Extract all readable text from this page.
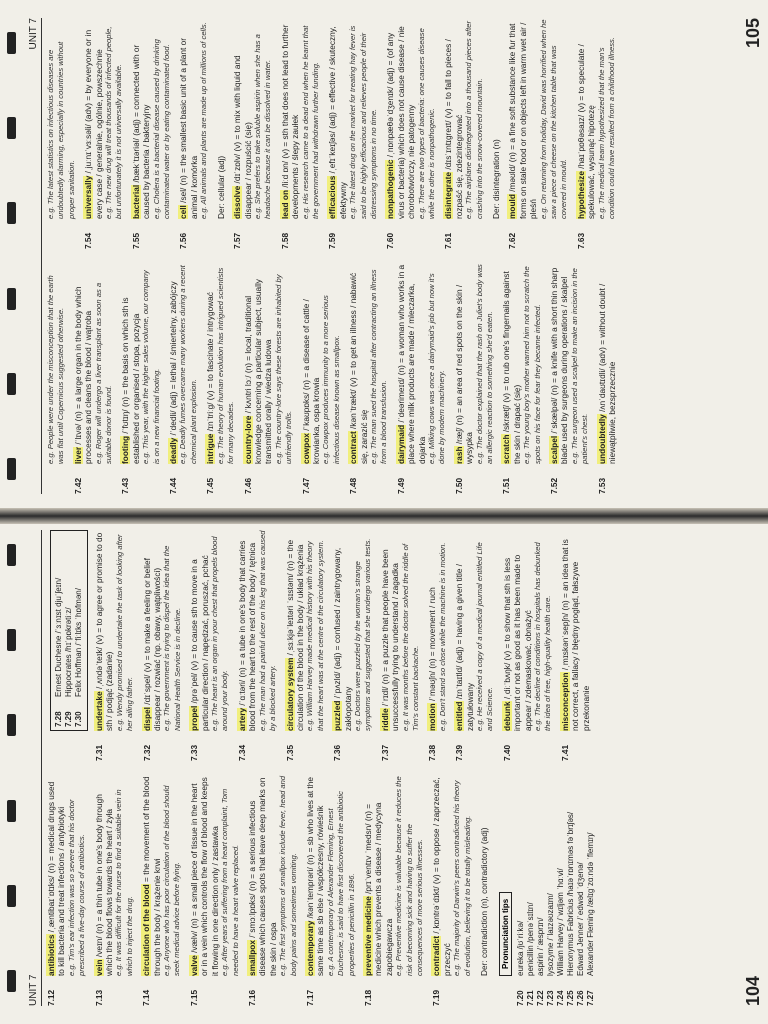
UNIT 7 7.12
antibiotics /ˌæntibaɪˈɒtɪks/ (n) = medical drugs used to kill bacteria and treat infections / antybiotyki e.g. Tim's ear infection was so severe that his doctor prescribed a five-day course of antibiotics.
7.13
vein /veɪn/ (n) = a thin tube in one's body through which the blood flows towards the heart / żyła e.g. It was difficult for the nurse to find a suitable vein in which to inject the drug.
7.14
circulation of the blood = the movement of the blood through the body / krążenie krwi e.g. Anyone who has poor circulation of the blood should seek medical advice before flying.
7.15
valve /vælv/ (n) = a small piece of tissue in the heart or in a vein which controls the flow of blood and keeps it flowing in one direction only / zastawka e.g. After years of suffering from a heart complaint, Tom needed to have a heart valve replaced.
7.16
smallpox /ˈsmɔːlpɒks/ (n) = a serious infectious disease which causes spots that leave deep marks on the skin / ospa e.g. The first symptoms of smallpox include fever, head and body pains and sometimes vomiting.
7.17
contemporary /kənˈtemprəri/ (n) = sb who lives at the same time as sb else / współczesny, rówieśnik e.g. A contemporary of Alexander Fleming, Ernest Duchesne, is said to have first discovered the antibiotic properties of penicillin in 1896.
7.18
preventive medicine /prɪˈventɪv ˈmedsn/ (n) = medicine which prevents a disease / medycyna zapobiegawcza e.g. Preventive medicine is valuable because it reduces the risk of becoming sick and having to suffer the consequences of more serious illnesses.
7.19
contradict /ˌkɒntrəˈdɪkt/ (v) = to oppose / zaprzeczać, przeczyć e.g. The majority of Darwin's peers contradicted his theory of evolution, believing it to be totally misleading. Der: contradiction (n), contradictory (adj) Pronunciation tips
7.20
eureka /jʊˈriːkə/
7.21
penicillin /penəˈsɪlɪn/
7.22
aspirin /ˈæsprɪn/
7.23
lysozyme /ˈlaɪzəʊzaɪm/
7.24
William Harvey /ˈwɪljəm ˈhɑːvi/
7.25
Hieronymus Fabricius /haɪəˈrɒnɪməs fəˈbrɪʃəs/
7.26
Edward Jenner /ˈedwəd ˈdʒenə/
7.27
Alexander Fleming /ælɪgˈzɑːndə ˈflemɪŋ/
7.28
Ernest Duchesne /ˈɜːnɪst djuˈʃeɪn/
7.29
Hippocrates /hɪˈpɒkrətiːz/
7.30
Felix Hoffman /ˈfiːlɪks ˈhɒfmən/
7.31
undertake /ˌʌndəˈteɪk/ (v) = to agree or promise to do sth / podjąć (zadanie) e.g. Wendy promised to undertake the task of looking after her ailing father.
7.32
dispel /dɪˈspel/ (v) = to make a feeling or belief disappear / rozwiać (np. obawy, wątpliwości) e.g. The government is trying to dispel the idea that the National Health Service is in decline.
7.33
propel /prəˈpel/ (v) = to cause sth to move in a particular direction / napędzać, poruszać, pchać e.g. The heart is an organ in your chest that propels blood around your body.
7.34
artery /ˈɑːtəri/ (n) = a tube in one's body that carries blood from the heart to the rest of the body / tętnica e.g. The man had a painful ulcer on his leg that was caused by a blocked artery.
7.35
circulatory system /ˌsɜːkjəˈleɪtəri ˈsɪstəm/ (n) = the circulation of the blood in the body / układ krążenia e.g. William Harvey made medical history with his theory that the heart was at the centre of the circulatory system.
7.36
puzzled /ˈpʌzld/ (adj) = confused / zaintrygowany, zakłopotany e.g. Doctors were puzzled by the woman's strange symptoms and suggested that she undergo various tests.
7.37
riddle /ˈrɪdl/ (n) = a puzzle that people have been unsuccessfully trying to understand / zagadka e.g. It was months before the doctor solved the riddle of Tim's constant backache.
7.38
motion /ˈməʊʃn/ (n) = movement / ruch e.g. Don't stand so close while the machine is in motion.
7.39
entitled /ɪnˈtaɪtld/ (adj) = having a given title / zatytułowany e.g. He received a copy of a medical journal entitled Life and Science.
7.40
debunk /ˌdiːˈbʌŋk/ (v) = to show that sth is less important or not as good as it has been made to appear / zdemaskować, obnażyć e.g. The decline of conditions in hospitals has debunked the idea of free, high-quality health care.
7.41
misconception /ˌmɪskənˈsepʃn/ (n) = an idea that is not correct, a fallacy / błędny pogląd, fałszywe przekonanie
104
UNIT 7
e.g. People were under the misconception that the earth was flat until Copernicus suggested otherwise.
7.42
liver /ˈlɪvə/ (n) = a large organ in the body which processes and cleans the blood / wątroba e.g. Roger will undergo a liver transplant as soon as a suitable donor is found.
7.43
footing /ˈfʊtɪŋ/ (n) = the basis on which sth is established or organised / stopa, pozycja e.g. This year, with the higher sales volume, our company is on a new financial footing.
7.44
deadly /ˈdedli/ (adj) = lethal / śmiertelny, zabójczy e.g. Deadly fumes overcame many workers during a recent chemical plant explosion.
7.45
intrigue /ɪnˈtriːɡ/ (v) = to fascinate / intrygować e.g. The theory of human evolution has intrigued scientists for many decades.
7.46
country-lore /ˈkʌntri lɔː/ (n) = local, traditional knowledge concerning a particular subject, usually transmitted orally / wiedza ludowa e.g. The country-lore says these forests are inhabited by unfriendly trolls.
7.47
cowpox /ˈkaʊpɒks/ (n) = a disease of cattle / krowianka, ospa krowia e.g. Cowpox produces immunity to a more serious infectious disease known as smallpox.
7.48
contract /kənˈtrækt/ (v) = to get an illness / nabawić się, zarazić się e.g. The man sued the hospital after contracting an illness from a blood transfusion.
7.49
dairymaid /ˈdeərimeɪd/ (n) = a woman who works in a place where milk products are made / mleczarka, dojarka e.g. Milking cows was once a dairymaid's job but now it's done by modern machinery.
7.50
rash /ræʃ/ (n) = an area of red spots on the skin / wysypka e.g. The doctor explained that the rash on Juliet's body was an allergic reaction to something she'd eaten.
7.51
scratch /skrætʃ/ (v) = to rub one's fingernails against the skin / drapać (się) e.g. The young boy's mother warned him not to scratch the spots on his face for fear they became infected.
7.52
scalpel /ˈskælpəl/ (n) = a knife with a short thin sharp blade used by surgeons during operations / skalpel e.g. The surgeon used a scalpel to make an incision in the patient's chest.
7.53
undoubtedly /ʌnˈdaʊtɪdli/ (adv) = without doubt / niewątpliwie, bezsprzecznie
e.g. The latest statistics on infectious diseases are undoubtedly alarming, especially in countries without proper sanitation.
7.54
universally /ˌjuːnɪˈvɜːsəli/ (adv) = by everyone or in every case / generalnie, ogólnie, powszechnie e.g. The new drug will treat thousands of infected people, but unfortunately it is not universally available.
7.55
bacterial /bækˈtɪəriəl/ (adj) = connected with or caused by bacteria / bakteryjny e.g. Cholera is a bacterial disease caused by drinking contaminated water or by eating contaminated food.
7.56
cell /sel/ (n) = the smallest basic unit of a plant or animal / komórka e.g. All animals and plants are made up of millions of cells. Der: cellular (adj)
7.57
dissolve /dɪˈzɒlv/ (v) = to mix with liquid and disappear / rozpuścić (się) e.g. She prefers to take soluble aspirin when she has a headache because it can be dissolved in water.
7.58
lead on /liːd ɒn/ (v) = sth that does not lead to further developments / ślepy zaułek e.g. His research came to a dead end when he learnt that the government had withdrawn further funding.
7.59
efficacious /ˌefɪˈkeɪʃəs/ (adj) = effective / skuteczny, efektywny e.g. The latest drug on the market for treating hay fever is said to be highly efficacious and relieves people of their distressing symptoms in no time.
7.60
nonpathogenic /ˌnɒnpæθəˈdʒenɪk/ (adj) = (of any virus or bacteria) which does not cause disease / nie chorobotwórczy, nie patogenny e.g. There are two types of bacteria: one causes disease while the other is nonpathogenic.
7.61
disintegrate /dɪsˈɪntɪɡreɪt/ (v) = to fall to pieces / rozpaść się, zdezintegrować e.g. The airplane disintegrated into a thousand pieces after crashing into the snow-covered mountain. Der: disintegration (n)
7.62
mould /məʊld/ (n) = a fine soft substance like fur that forms on stale food or on objects left in warm wet air / pleśń e.g. On returning from holiday, David was horrified when he saw a piece of cheese on the kitchen table that was covered in mould.
7.63
hypothesize /haɪˈpɒθəsaɪz/ (v) = to speculate / spekulować, wysunąć hipotezę e.g. The medical team hypothesized that the man's condition could have resulted from a childhood illness.
105
